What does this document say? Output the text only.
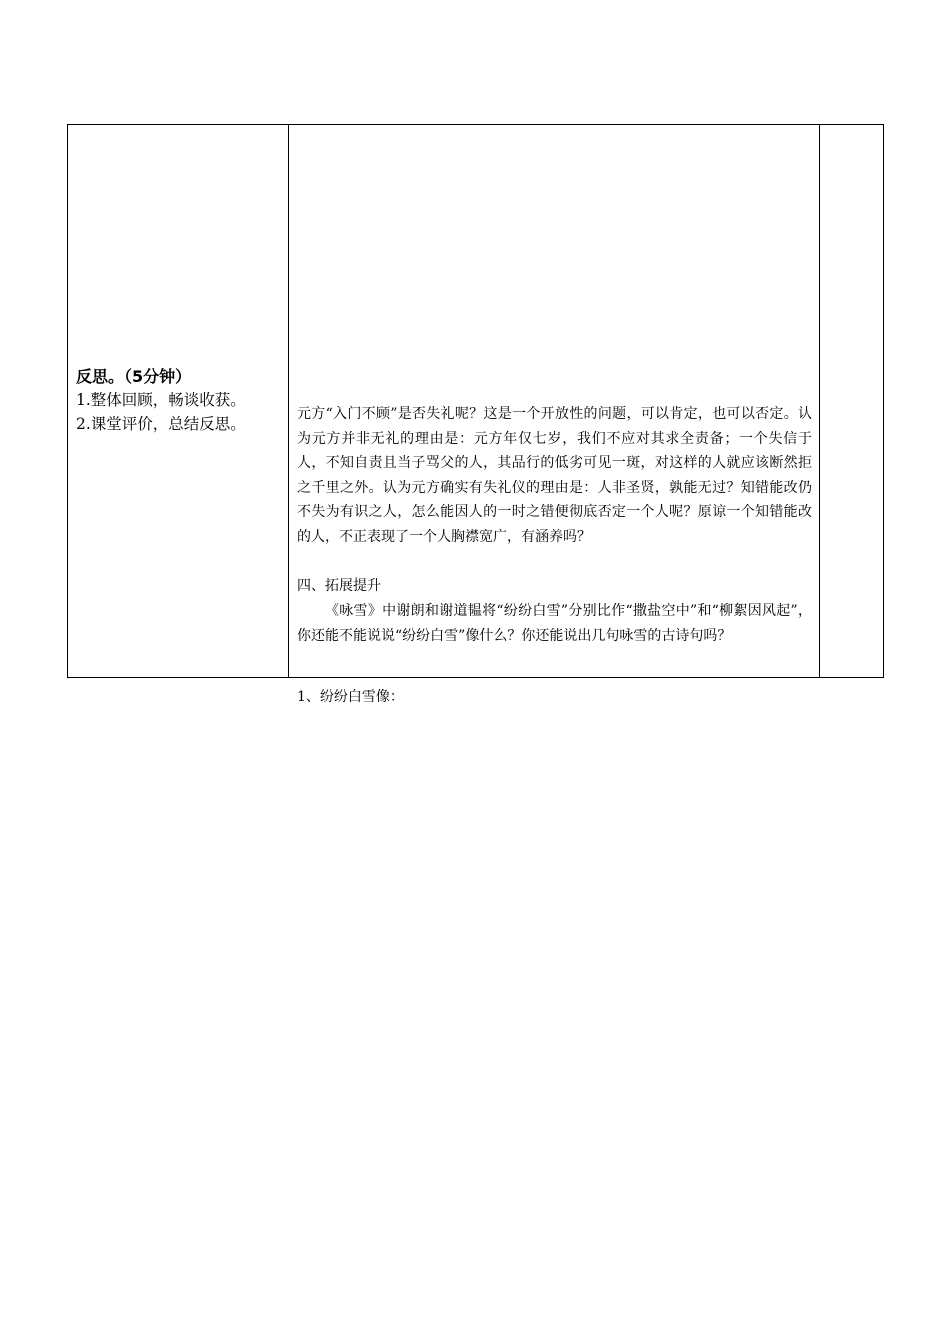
反思。（5分钟）

1.整体回顾，畅谈收获。

2.课堂评价，总结反思。

元方“入门不顾”是否失礼呢？这是一个开放性的问题，可以肯定，也可以否定。认为元方并非无礼的理由是：元方年仅七岁，我们不应对其求全责备；一个失信于人，不知自责且当子骂父的人，其品行的低劣可见一斑，对这样的人就应该断然拒之千里之外。认为元方确实有失礼仪的理由是：人非圣贤，孰能无过？知错能改仍不失为有识之人，怎么能因人的一时之错便彻底否定一个人呢？原谅一个知错能改的人，不正表现了一个人胸襟宽广，有涵养吗？

四、拓展提升

《咏雪》中谢朗和谢道韫将“纷纷白雪”分别比作“撒盐空中”和“柳絮因风起”，你还能不能说说“纷纷白雪”像什么？你还能说出几句咏雪的古诗句吗？

1、纷纷白雪像：
